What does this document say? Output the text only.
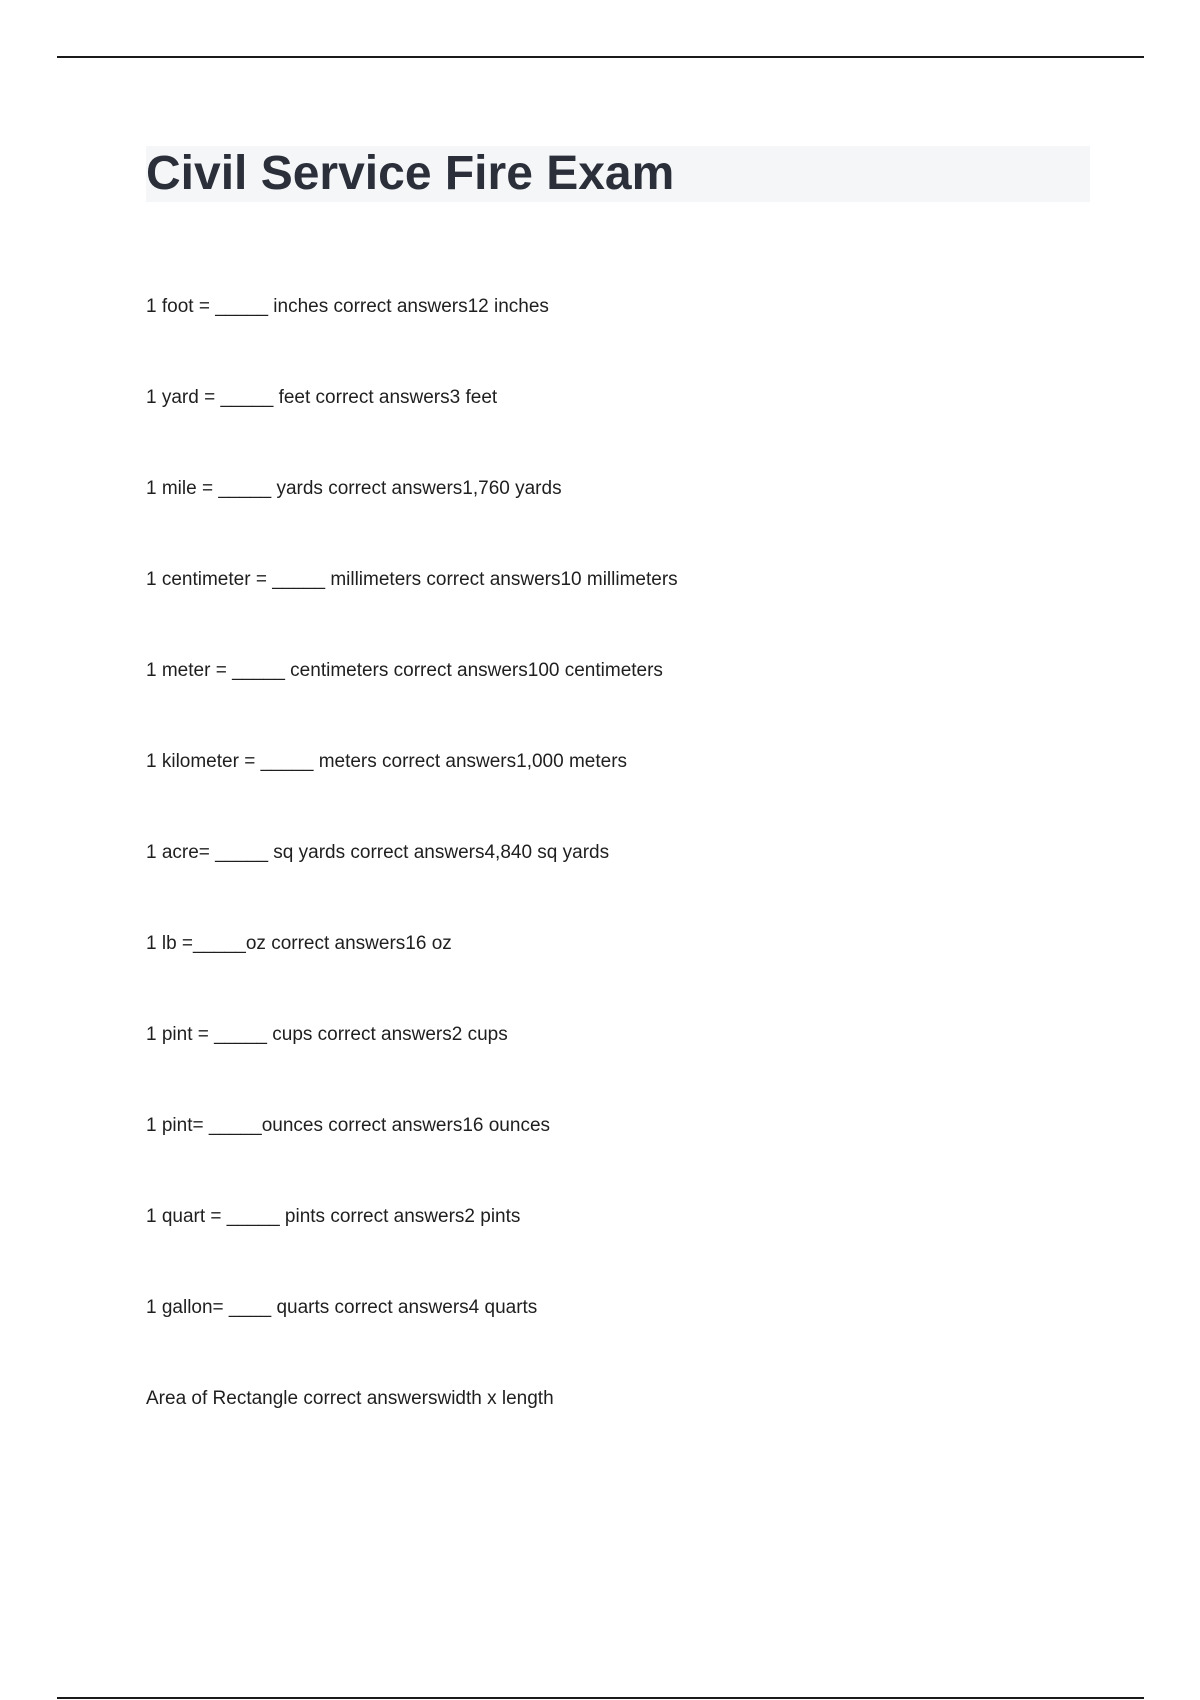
Civil Service Fire Exam
1 foot = _____ inches correct answers12 inches
1 yard = _____ feet correct answers3 feet
1 mile = _____ yards correct answers1,760 yards
1 centimeter = _____ millimeters correct answers10 millimeters
1 meter = _____ centimeters correct answers100 centimeters
1 kilometer = _____ meters correct answers1,000 meters
1 acre= _____ sq yards correct answers4,840 sq yards
1 lb =_____oz correct answers16 oz
1 pint = _____ cups correct answers2 cups
1 pint= _____ounces correct answers16 ounces
1 quart = _____ pints correct answers2 pints
1 gallon= ____ quarts correct answers4 quarts
Area of Rectangle correct answerswidth x length
